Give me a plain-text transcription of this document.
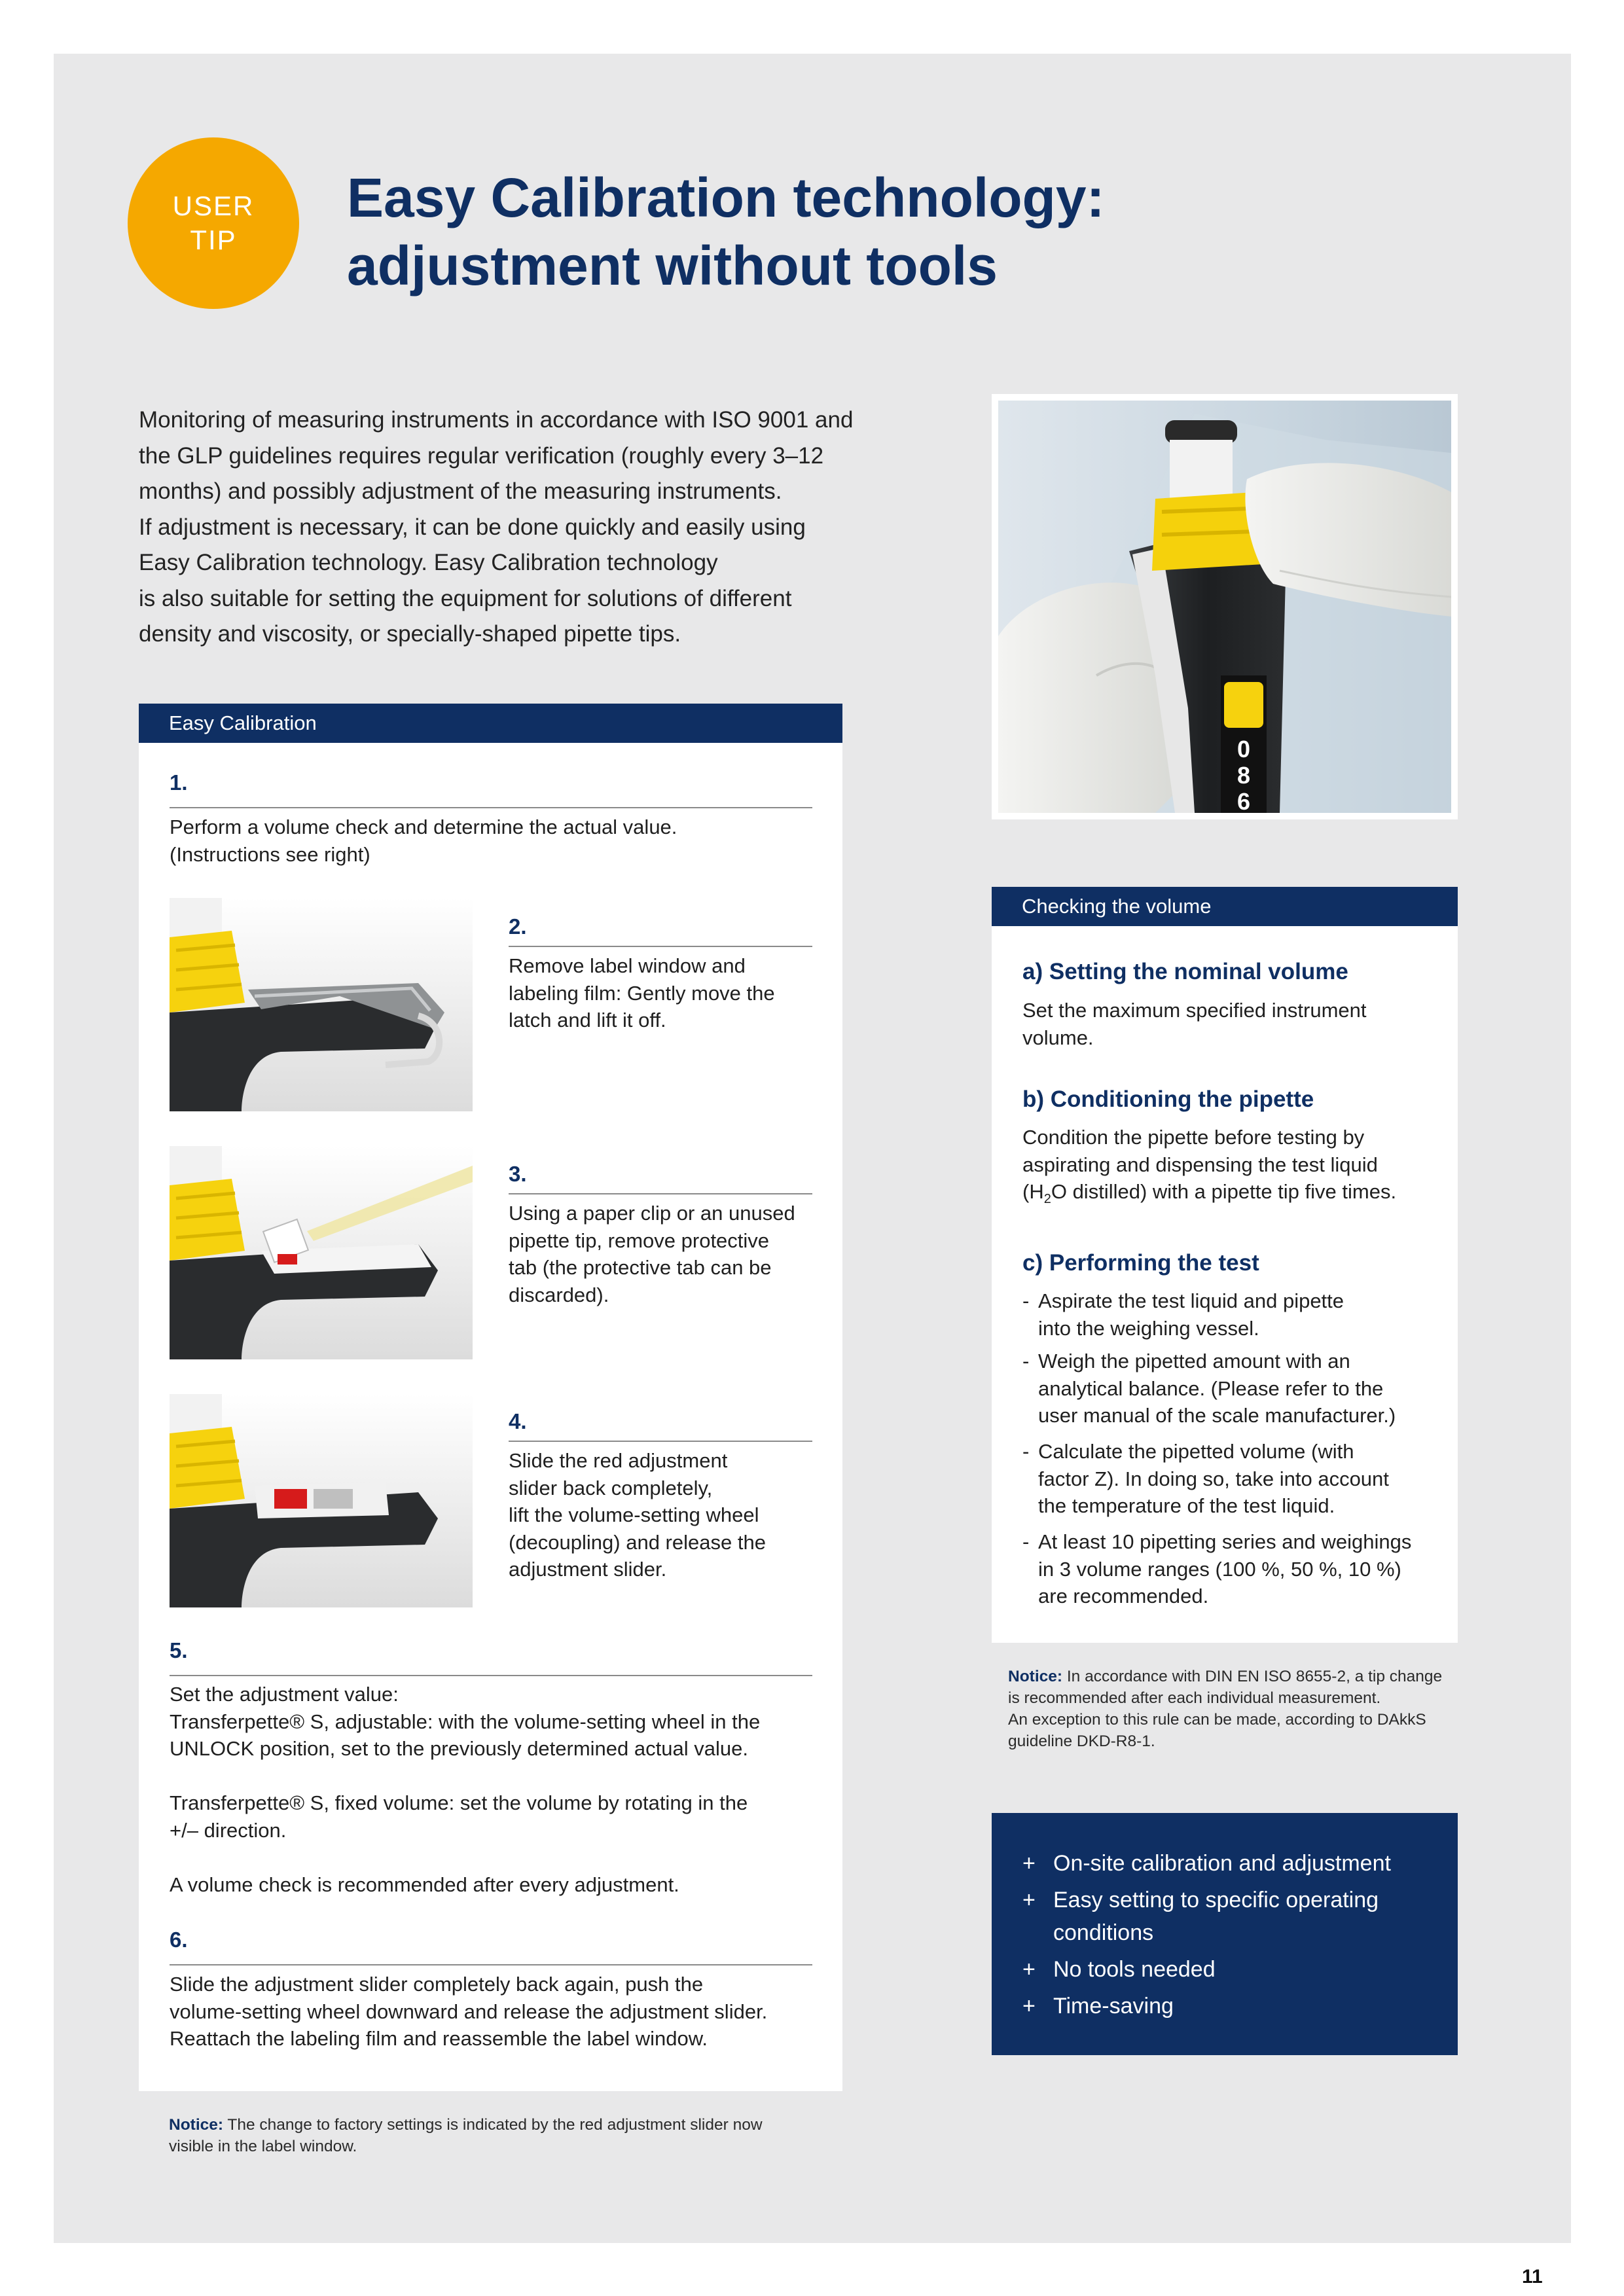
USER
TIP
Easy Calibration technology:
adjustment without tools

Monitoring of measuring instruments in accordance with ISO 9001 and

the GLP guidelines requires regular verification (roughly every 3–12

months) and possibly adjustment of the measuring instruments.

If adjustment is necessary, it can be done quickly and easily using

Easy Calibration technology. Easy Calibration technology

is also suitable for setting the equipment for solutions of different

density and viscosity, or specially-shaped pipette tips.

0
8
6
Easy Calibration
1.

Perform a volume check and determine the actual value.

(Instructions see right)

2.

Remove label window and

labeling film: Gently move the

latch and lift it off.

3.

Using a paper clip or an unused

pipette tip, remove protective

tab (the protective tab can be

discarded).

4.

Slide the red adjustment

slider back completely,

lift the volume-setting wheel

(decoupling) and release the

adjustment slider.

5.

Set the adjustment value:

Transferpette® S, adjustable: with the volume-setting wheel in the

UNLOCK position, set to the previously determined actual value.

Transferpette® S, fixed volume: set the volume by rotating in the

+/– direction.

A volume check is recommended after every adjustment.

6.

Slide the adjustment slider completely back again, push the

volume-setting wheel downward and release the adjustment slider.

Reattach the labeling film and reassemble the label window.

Notice: The change to factory settings is indicated by the red adjustment slider now

visible in the label window.

Checking the volume
a) Setting the nominal volume

Set the maximum specified instrument

volume.

b) Conditioning the pipette

Condition the pipette before testing by

aspirating and dispensing the test liquid

($H_2O$ distilled) with a pipette tip five times.

c) Performing the test
- Aspirate the test liquid and pipette

into the weighing vessel.

- Weigh the pipetted amount with an

analytical balance. (Please refer to the

user manual of the scale manufacturer.)

- Calculate the pipetted volume (with

factor Z). In doing so, take into account

the temperature of the test liquid.

- At least 10 pipetting series and weighings

in 3 volume ranges (100 %, 50 %, 10 %)

are recommended.

Notice: In accordance with DIN EN ISO 8655-2, a tip change

is recommended after each individual measurement.

An exception to this rule can be made, according to DAkkS

guideline DKD-R8-1.

+ On-site calibration and adjustment
+ Easy setting to specific operating
conditions
+ No tools needed
+ Time-saving
11
